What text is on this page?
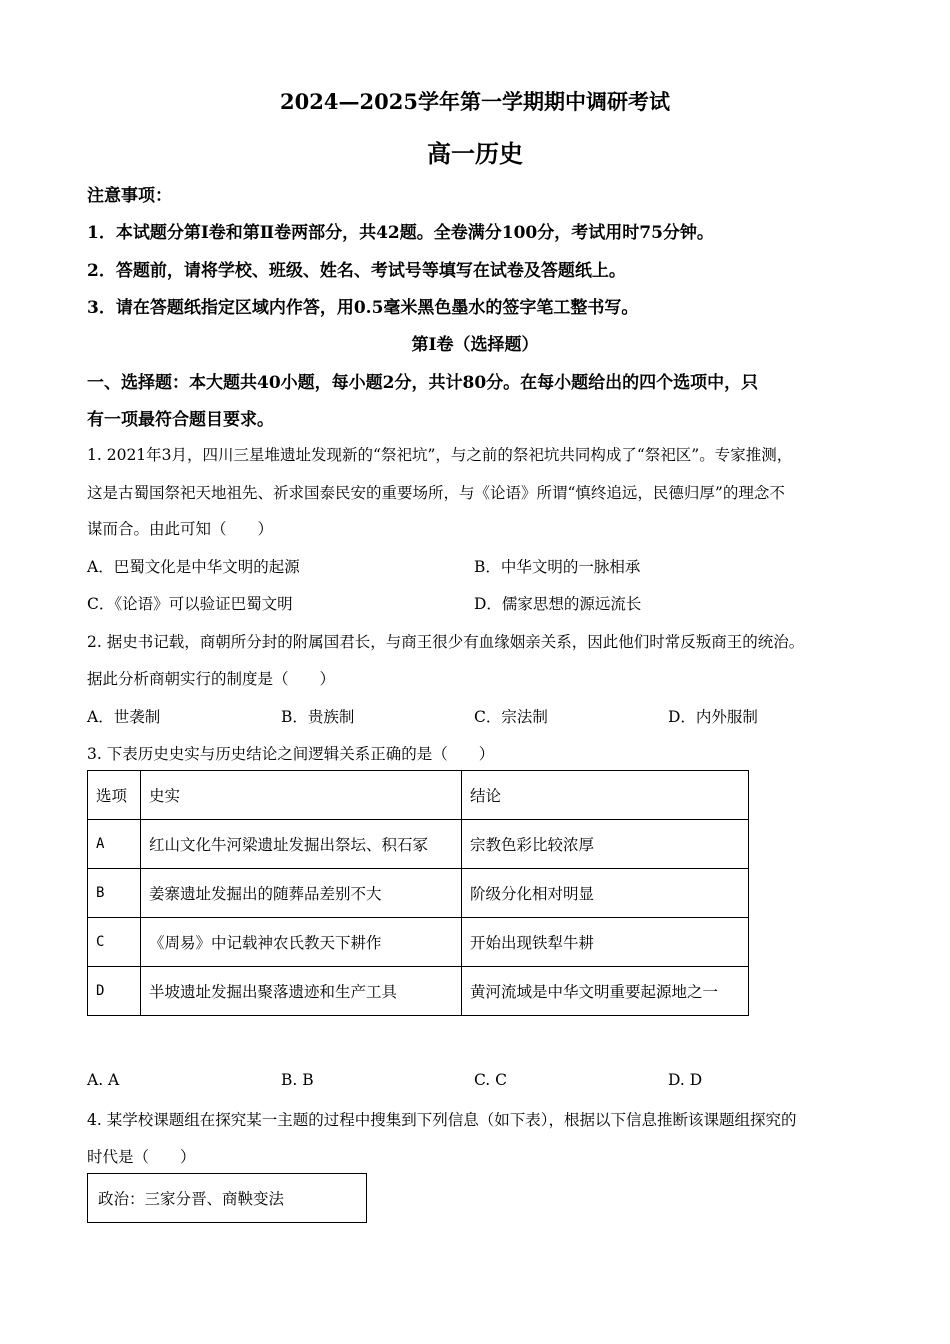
2024—2025学年第一学期期中调研考试
高一历史
注意事项：
1．本试题分第Ⅰ卷和第Ⅱ卷两部分，共42题。全卷满分100分，考试用时75分钟。
2．答题前，请将学校、班级、姓名、考试号等填写在试卷及答题纸上。
3．请在答题纸指定区域内作答，用0.5毫米黑色墨水的签字笔工整书写。
第Ⅰ卷（选择题）
一、选择题：本大题共40小题，每小题2分，共计80分。在每小题给出的四个选项中，只
有一项最符合题目要求。
1. 2021年3月，四川三星堆遗址发现新的“祭祀坑”，与之前的祭祀坑共同构成了“祭祀区”。专家推测，
这是古蜀国祭祀天地祖先、祈求国泰民安的重要场所，与《论语》所谓“慎终追远，民德归厚”的理念不
谋而合。由此可知（　　）
A．巴蜀文化是中华文明的起源	B．中华文明的一脉相承
C．《论语》可以验证巴蜀文明	D．儒家思想的源远流长
2. 据史书记载，商朝所分封的附属国君长，与商王很少有血缘姻亲关系，因此他们时常反叛商王的统治。
据此分析商朝实行的制度是（　　）
A．世袭制	B．贵族制	C．宗法制	D．内外服制
3. 下表历史史实与历史结论之间逻辑关系正确的是（　　）
选项	史实	结论
A	红山文化牛河梁遗址发掘出祭坛、积石冢	宗教色彩比较浓厚
B	姜寨遗址发掘出的随葬品差别不大	阶级分化相对明显
C	《周易》中记载神农氏教天下耕作	开始出现铁犁牛耕
D	半坡遗址发掘出聚落遗迹和生产工具	黄河流域是中华文明重要起源地之一
A. A	B. B	C. C	D. D
4. 某学校课题组在探究某一主题的过程中搜集到下列信息（如下表），根据以下信息推断该课题组探究的
时代是（　　）
政治：三家分晋、商鞅变法
